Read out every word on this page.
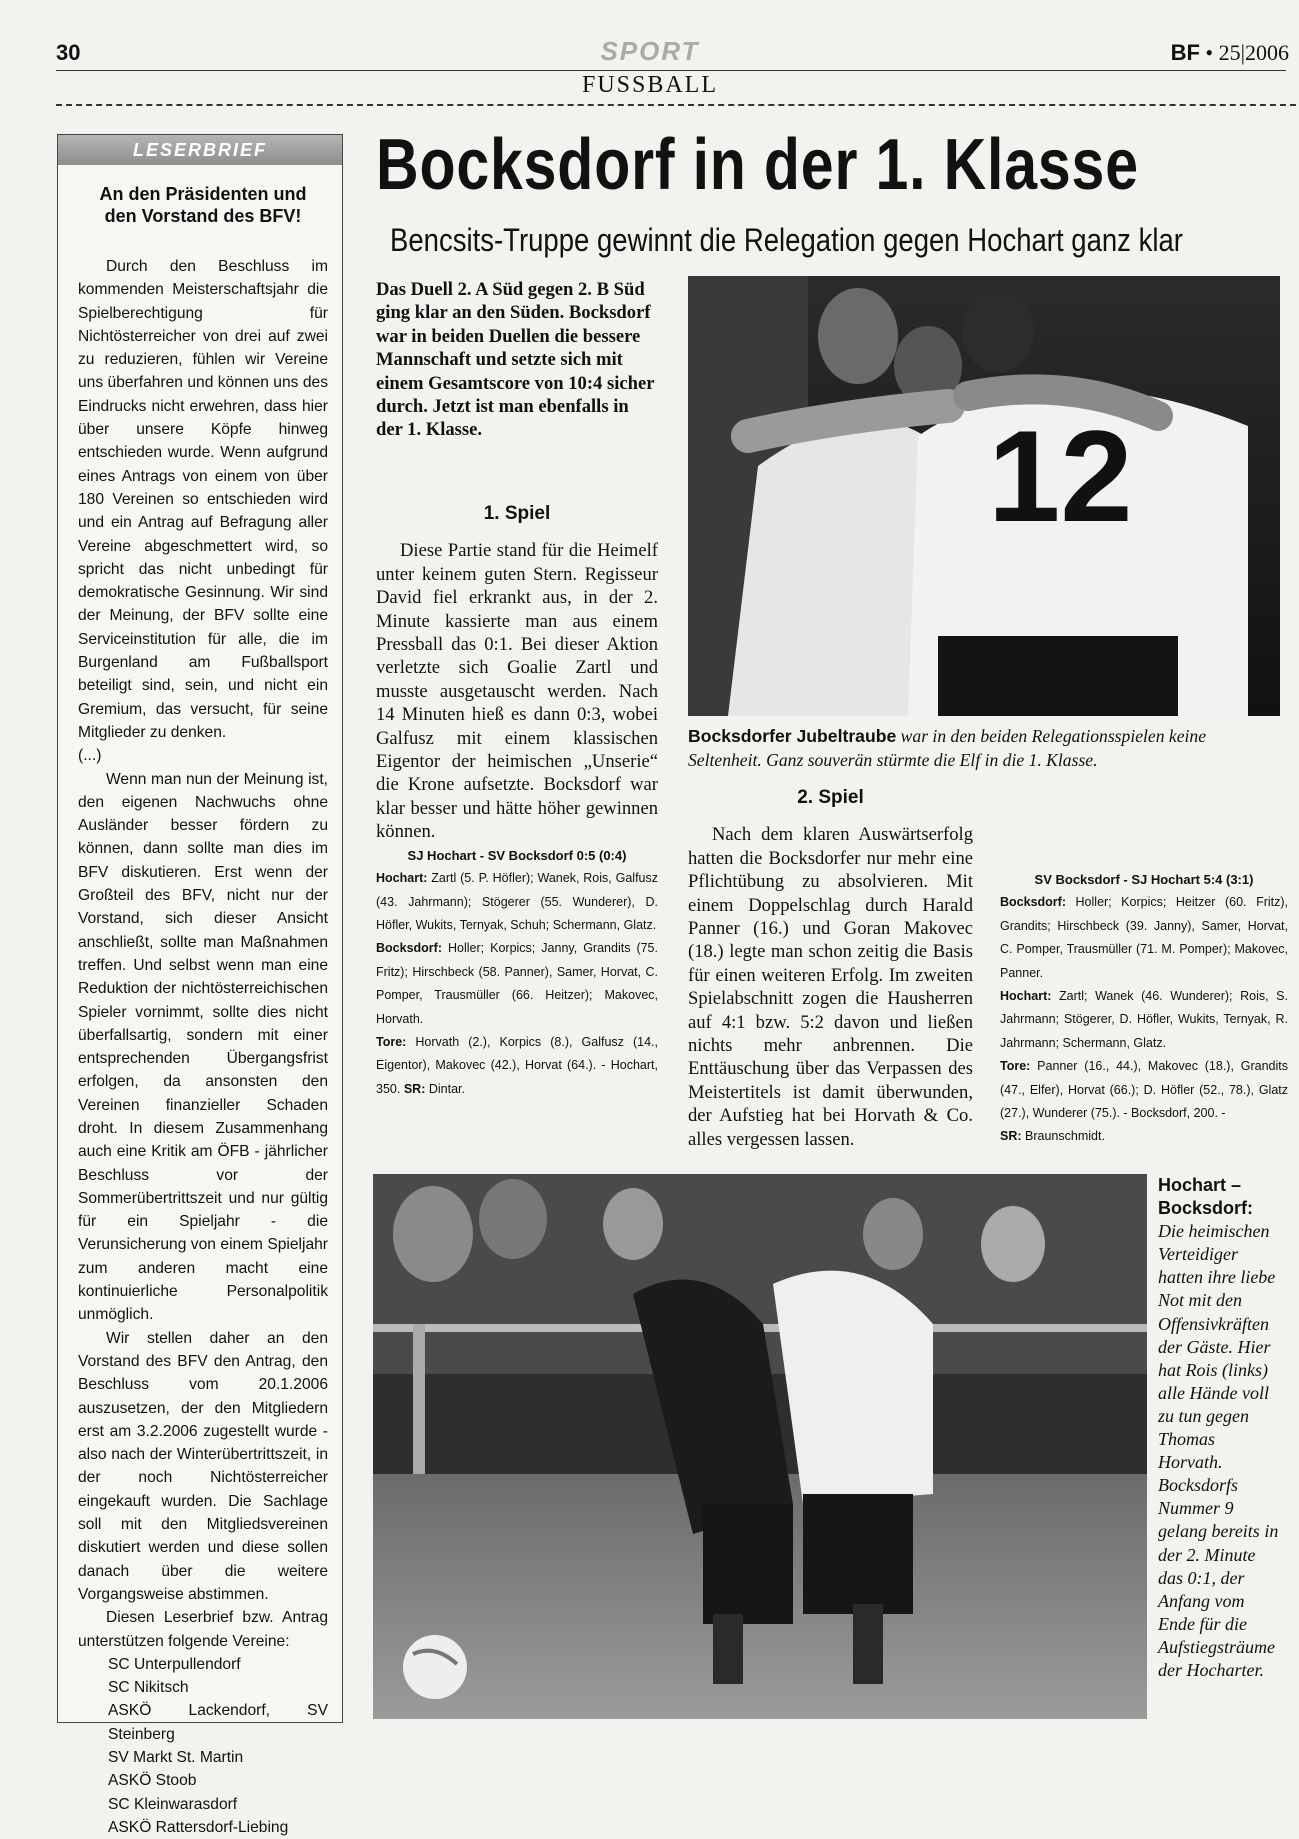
30	SPORT
FUSSBALL
BF • 25|2006
LESERBRIEF
An den Präsidenten und den Vorstand des BFV!

Durch den Beschluss im kommenden Meisterschaftsjahr die Spielberechtigung für Nichtösterreicher von drei auf zwei zu reduzieren, fühlen wir Vereine uns überfahren und können uns des Eindrucks nicht erwehren, dass hier über unsere Köpfe hinweg entschieden wurde. Wenn aufgrund eines Antrags von einem von über 180 Vereinen so entschieden wird und ein Antrag auf Befragung aller Vereine abgeschmettert wird, so spricht das nicht unbedingt für demokratische Gesinnung. Wir sind der Meinung, der BFV sollte eine Serviceinstitution für alle, die im Burgenland am Fußballsport beteiligt sind, sein, und nicht ein Gremium, das versucht, für seine Mitglieder zu denken.

(...)

Wenn man nun der Meinung ist, den eigenen Nachwuchs ohne Ausländer besser fördern zu können, dann sollte man dies im BFV diskutieren. Erst wenn der Großteil des BFV, nicht nur der Vorstand, sich dieser Ansicht anschließt, sollte man Maßnahmen treffen. Und selbst wenn man eine Reduktion der nichtösterreichischen Spieler vornimmt, sollte dies nicht überfallsartig, sondern mit einer entsprechenden Übergangsfrist erfolgen, da ansonsten den Vereinen finanzieller Schaden droht. In diesem Zusammenhang auch eine Kritik am ÖFB - jährlicher Beschluss vor der Sommerübertrittszeit und nur gültig für ein Spieljahr - die Verunsicherung von einem Spieljahr zum anderen macht eine kontinuierliche Personalpolitik unmöglich.

Wir stellen daher an den Vorstand des BFV den Antrag, den Beschluss vom 20.1.2006 auszusetzen, der den Mitgliedern erst am 3.2.2006 zugestellt wurde - also nach der Winterübertrittszeit, in der noch Nichtösterreicher eingekauft wurden. Die Sachlage soll mit den Mitgliedsvereinen diskutiert werden und diese sollen danach über die weitere Vorgangsweise abstimmen.

Diesen Leserbrief bzw. Antrag unterstützen folgende Vereine:

SC Unterpullendorf

SC Nikitsch

ASKÖ Lackendorf, SV Steinberg

SV Markt St. Martin

ASKÖ Stoob

SC Kleinwarasdorf

ASKÖ Rattersdorf-Liebing

Bocksdorf in der 1. Klasse
Bencsits-Truppe gewinnt die Relegation gegen Hochart ganz klar
Das Duell 2. A Süd gegen 2. B Süd ging klar an den Süden. Bocksdorf war in beiden Duellen die bessere Mannschaft und setzte sich mit einem Gesamtscore von 10:4 sicher durch. Jetzt ist man ebenfalls in der 1. Klasse.

1. Spiel

Diese Partie stand für die Heimelf unter keinem guten Stern. Regisseur David fiel erkrankt aus, in der 2. Minute kassierte man aus einem Pressball das 0:1. Bei dieser Aktion verletzte sich Goalie Zartl und musste ausgetauscht werden. Nach 14 Minuten hieß es dann 0:3, wobei Galfusz mit einem klassischen Eigentor der heimischen „Unserie“ die Krone aufsetzte. Bocksdorf war klar besser und hätte höher gewinnen können.

SJ Hochart - SV Bocksdorf 0:5 (0:4)

Hochart: Zartl (5. P. Höfler); Wanek, Rois, Galfusz (43. Jahrmann); Stögerer (55. Wunderer), D. Höfler, Wukits, Ternyak, Schuh; Schermann, Glatz.

Bocksdorf: Holler; Korpics; Janny, Grandits (75. Fritz); Hirschbeck (58. Panner), Samer, Horvat, C. Pomper, Trausmüller (66. Heitzer); Makovec, Horvath.

Tore: Horvath (2.), Korpics (8.), Galfusz (14., Eigentor), Makovec (42.), Horvat (64.). - Hochart, 350. SR: Dintar.

12
Bocksdorfer Jubeltraube war in den beiden Relegationsspielen keine Seltenheit. Ganz souverän stürmte die Elf in die 1. Klasse.

2. Spiel

Nach dem klaren Auswärtserfolg hatten die Bocksdorfer nur mehr eine Pflichtübung zu absolvieren. Mit einem Doppelschlag durch Harald Panner (16.) und Goran Makovec (18.) legte man schon zeitig die Basis für einen weiteren Erfolg. Im zweiten Spielabschnitt zogen die Hausherren auf 4:1 bzw. 5:2 davon und ließen nichts mehr anbrennen. Die Enttäuschung über das Verpassen des Meistertitels ist damit überwunden, der Aufstieg hat bei Horvath & Co. alles vergessen lassen.

SV Bocksdorf - SJ Hochart 5:4 (3:1)

Bocksdorf: Holler; Korpics; Heitzer (60. Fritz), Grandits; Hirschbeck (39. Janny), Samer, Horvat, C. Pomper, Trausmüller (71. M. Pomper); Makovec, Panner.

Hochart: Zartl; Wanek (46. Wunderer); Rois, S. Jahrmann; Stögerer, D. Höfler, Wukits, Ternyak, R. Jahrmann; Schermann, Glatz.

Tore: Panner (16., 44.), Makovec (18.), Grandits (47., Elfer), Horvat (66.); D. Höfler (52., 78.), Glatz (27.), Wunderer (75.). - Bocksdorf, 200. -

SR: Braunschmidt.

Hochart – Bocksdorf:
Die heimischen Verteidiger hatten ihre liebe Not mit den Offensivkräften der Gäste. Hier hat Rois (links) alle Hände voll zu tun gegen Thomas Horvath. Bocksdorfs Nummer 9 gelang bereits in der 2. Minute das 0:1, der Anfang vom Ende für die Aufstiegsträume der Hocharter.
